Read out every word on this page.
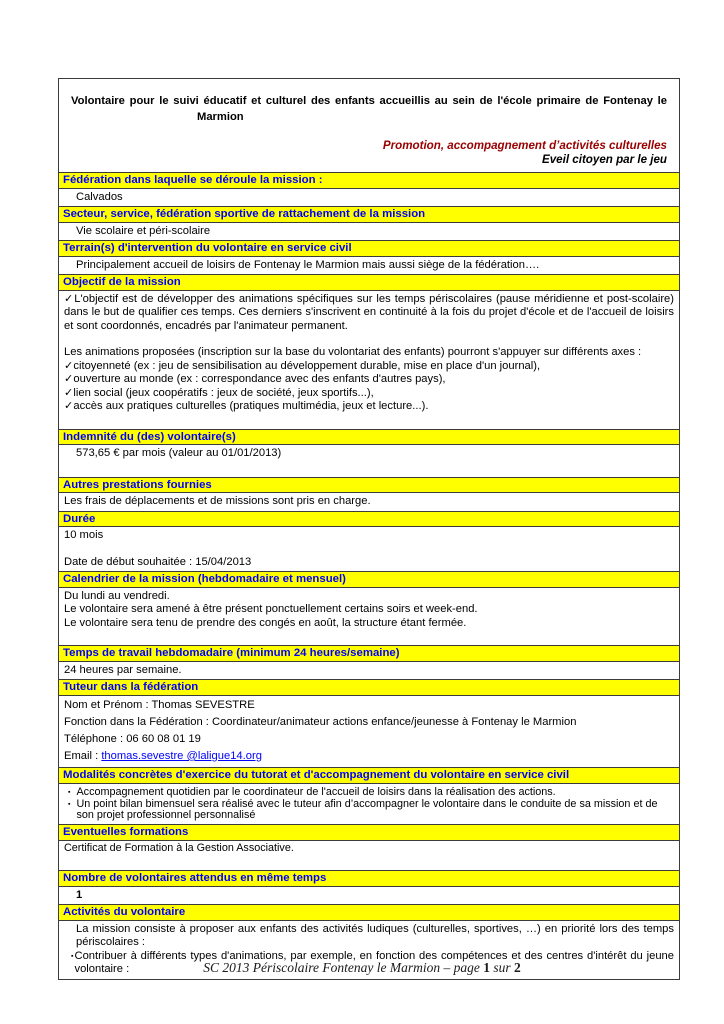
Volontaire pour le suivi éducatif et culturel des enfants accueillis au sein de l'école primaire de Fontenay le
Marmion
Promotion, accompagnement d’activités culturelles
Eveil citoyen par le jeu
Fédération dans laquelle se déroule la mission :
Calvados
Secteur, service, fédération sportive de rattachement de la mission
Vie scolaire et péri-scolaire
Terrain(s) d'intervention du volontaire en service civil
Principalement accueil de loisirs de Fontenay le Marmion mais aussi siège de la fédération….
Objectif de la mission
✓L'objectif est de développer des animations spécifiques sur les temps périscolaires (pause méridienne et post-scolaire) dans le but de qualifier ces temps. Ces derniers s'inscrivent en continuité à la fois du projet d'école et de l'accueil de loisirs et sont coordonnés, encadrés par l'animateur permanent.
Les animations proposées (inscription sur la base du volontariat des enfants) pourront s'appuyer sur différents axes :
✓ citoyenneté (ex : jeu de sensibilisation au développement durable, mise en place d'un journal),
✓ ouverture au monde (ex : correspondance avec des enfants d'autres pays),
✓ lien social (jeux coopératifs : jeux de société, jeux sportifs...),
✓ accès aux pratiques culturelles (pratiques multimédia, jeux et lecture...).
Indemnité du (des) volontaire(s)
573,65 € par mois (valeur au 01/01/2013)
Autres prestations fournies
Les frais de déplacements et de missions sont pris en charge.
Durée
10 mois
Date de début souhaitée : 15/04/2013
Calendrier de la mission (hebdomadaire et mensuel)
Du lundi au vendredi.
Le volontaire sera amené à être présent ponctuellement certains soirs et week-end.
Le volontaire sera tenu de prendre des congés en août, la structure étant fermée.
Temps de travail hebdomadaire (minimum 24 heures/semaine)
24 heures par semaine.
Tuteur dans la fédération
Nom et Prénom : Thomas SEVESTRE
Fonction dans la Fédération : Coordinateur/animateur actions enfance/jeunesse à Fontenay le Marmion
Téléphone : 06 60 08 01 19
Email : thomas.sevestre @laligue14.org
Modalités concrètes d'exercice du tutorat et d'accompagnement du volontaire en service civil
▪ Accompagnement quotidien par le coordinateur de l'accueil de loisirs dans la réalisation des actions.
▪ Un point bilan bimensuel sera réalisé avec le tuteur afin d’accompagner le volontaire dans le conduite de sa mission et de son projet professionnel personnalisé
Eventuelles formations
Certificat de Formation à la Gestion Associative.
Nombre de volontaires attendus en même temps
1
Activités du volontaire
La mission consiste à proposer aux enfants des activités ludiques (culturelles, sportives, …) en priorité lors des temps périscolaires :
▪ Contribuer à différents types d'animations, par exemple, en fonction des compétences et des centres d'intérêt du jeune volontaire :	SC 2013 Périscolaire Fontenay le Marmion – page 1 sur 2
